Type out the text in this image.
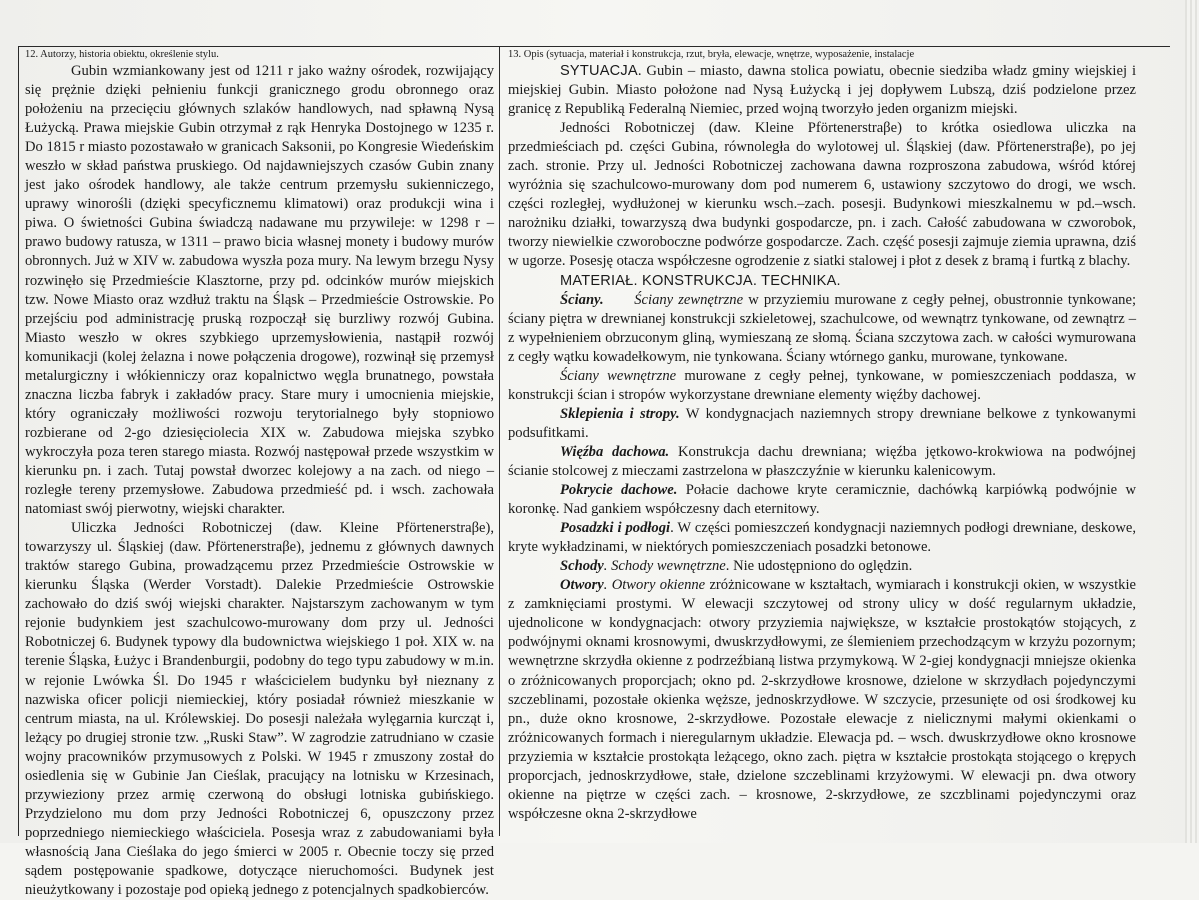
12. Autorzy, historia obiektu, określenie stylu.

Gubin wzmiankowany jest od 1211 r jako ważny ośrodek, rozwijający się prężnie dzięki pełnieniu funkcji granicznego grodu obronnego oraz położeniu na przecięciu głównych szlaków handlowych, nad spławną Nysą Łużycką. Prawa miejskie Gubin otrzymał z rąk Henryka Dostojnego w 1235 r. Do 1815 r miasto pozostawało w granicach Saksonii, po Kongresie Wiedeńskim weszło w skład państwa pruskiego. Od najdawniejszych czasów Gubin znany jest jako ośrodek handlowy, ale także centrum przemysłu sukienniczego, uprawy winorośli (dzięki specyficznemu klimatowi) oraz produkcji wina i piwa. O świetności Gubina świadczą nadawane mu przywileje: w 1298 r – prawo budowy ratusza, w 1311 – prawo bicia własnej monety i budowy murów obronnych. Już w XIV w. zabudowa wyszła poza mury. Na lewym brzegu Nysy rozwinęło się Przedmieście Klasztorne, przy pd. odcinków murów miejskich tzw. Nowe Miasto oraz wzdłuż traktu na Śląsk – Przedmieście Ostrowskie. Po przejściu pod administrację pruską rozpoczął się burzliwy rozwój Gubina. Miasto weszło w okres szybkiego uprzemysłowienia, nastąpił rozwój komunikacji (kolej żelazna i nowe połączenia drogowe), rozwinął się przemysł metalurgiczny i włókienniczy oraz kopalnictwo węgla brunatnego, powstała znaczna liczba fabryk i zakładów pracy. Stare mury i umocnienia miejskie, który ograniczały możliwości rozwoju terytorialnego były stopniowo rozbierane od 2-go dziesięciolecia XIX w. Zabudowa miejska szybko wykroczyła poza teren starego miasta. Rozwój następował przede wszystkim w kierunku pn. i zach. Tutaj powstał dworzec kolejowy a na zach. od niego – rozległe tereny przemysłowe. Zabudowa przedmieść pd. i wsch. zachowała natomiast swój pierwotny, wiejski charakter.

Uliczka Jedności Robotniczej (daw. Kleine Pförtenerstraβe), towarzyszy ul. Śląskiej (daw. Pförtenerstraβe), jednemu z głównych dawnych traktów starego Gubina, prowadzącemu przez Przedmieście Ostrowskie w kierunku Śląska (Werder Vorstadt). Dalekie Przedmieście Ostrowskie zachowało do dziś swój wiejski charakter. Najstarszym zachowanym w tym rejonie budynkiem jest szachulcowo-murowany dom przy ul. Jedności Robotniczej 6. Budynek typowy dla budownictwa wiejskiego 1 poł. XIX w. na terenie Śląska, Łużyc i Brandenburgii, podobny do tego typu zabudowy w m.in. w rejonie Lwówka Śl. Do 1945 r właścicielem budynku był nieznany z nazwiska oficer policji niemieckiej, który posiadał również mieszkanie w centrum miasta, na ul. Królewskiej. Do posesji należała wylęgarnia kurcząt i, leżący po drugiej stronie tzw. „Ruski Staw”. W zagrodzie zatrudniano w czasie wojny pracowników przymusowych z Polski. W 1945 r zmuszony został do osiedlenia się w Gubinie Jan Cieślak, pracujący na lotnisku w Krzesinach, przywieziony przez armię czerwoną do obsługi lotniska gubińskiego. Przydzielono mu dom przy Jedności Robotniczej 6, opuszczony przez poprzedniego niemieckiego właściciela. Posesja wraz z zabudowaniami była własnością Jana Cieślaka do jego śmierci w 2005 r. Obecnie toczy się przed sądem postępowanie spadkowe, dotyczące nieruchomości. Budynek jest nieużytkowany i pozostaje pod opieką jednego z potencjalnych spadkobierców.

13. Opis (sytuacja, materiał i konstrukcja, rzut, bryła, elewacje, wnętrze, wyposażenie, instalacje

SYTUACJA. Gubin – miasto, dawna stolica powiatu, obecnie siedziba władz gminy wiejskiej i miejskiej Gubin. Miasto położone nad Nysą Łużycką i jej dopływem Lubszą, dziś podzielone przez granicę z Republiką Federalną Niemiec, przed wojną tworzyło jeden organizm miejski.

Jedności Robotniczej (daw. Kleine Pförtenerstraβe) to krótka osiedlowa uliczka na przedmieściach pd. części Gubina, równoległa do wylotowej ul. Śląskiej (daw. Pförtenerstraβe), po jej zach. stronie. Przy ul. Jedności Robotniczej zachowana dawna rozproszona zabudowa, wśród której wyróżnia się szachulcowo-murowany dom pod numerem 6, ustawiony szczytowo do drogi, we wsch. części rozległej, wydłużonej w kierunku wsch.–zach. posesji. Budynkowi mieszkalnemu w pd.–wsch. narożniku działki, towarzyszą dwa budynki gospodarcze, pn. i zach. Całość zabudowana w czworobok, tworzy niewielkie czworoboczne podwórze gospodarcze. Zach. część posesji zajmuje ziemia uprawna, dziś w ugorze. Posesję otacza współczesne ogrodzenie z siatki stalowej i płot z desek z bramą i furtką z blachy.

MATERIAŁ. KONSTRUKCJA. TECHNIKA.

Ściany. Ściany zewnętrzne w przyziemiu murowane z cegły pełnej, obustronnie tynkowane; ściany piętra w drewnianej konstrukcji szkieletowej, szachulcowe, od wewnątrz tynkowane, od zewnątrz – z wypełnieniem obrzuconym gliną, wymieszaną ze słomą. Ściana szczytowa zach. w całości wymurowana z cegły wątku kowadełkowym, nie tynkowana. Ściany wtórnego ganku, murowane, tynkowane.

Ściany wewnętrzne murowane z cegły pełnej, tynkowane, w pomieszczeniach poddasza, w konstrukcji ścian i stropów wykorzystane drewniane elementy więźby dachowej.

Sklepienia i stropy. W kondygnacjach naziemnych stropy drewniane belkowe z tynkowanymi podsufitkami.

Więźba dachowa. Konstrukcja dachu drewniana; więźba jętkowo-krokwiowa na podwójnej ścianie stolcowej z mieczami zastrzelona w płaszczyźnie w kierunku kalenicowym.

Pokrycie dachowe. Połacie dachowe kryte ceramicznie, dachówką karpiówką podwójnie w koronkę. Nad gankiem współczesny dach eternitowy.

Posadzki i podłogi. W części pomieszczeń kondygnacji naziemnych podłogi drewniane, deskowe, kryte wykładzinami, w niektórych pomieszczeniach posadzki betonowe.

Schody. Schody wewnętrzne. Nie udostępniono do oględzin.

Otwory. Otwory okienne zróżnicowane w kształtach, wymiarach i konstrukcji okien, w wszystkie z zamknięciami prostymi. W elewacji szczytowej od strony ulicy w dość regularnym układzie, ujednolicone w kondygnacjach: otwory przyziemia największe, w kształcie prostokątów stojących, z podwójnymi oknami krosnowymi, dwuskrzydłowymi, ze ślemieniem przechodzącym w krzyżu pozornym; wewnętrzne skrzydła okienne z podrzeźbianą listwa przymykową. W 2-giej kondygnacji mniejsze okienka o zróżnicowanych proporcjach; okno pd. 2-skrzydłowe krosnowe, dzielone w skrzydłach pojedynczymi szczeblinami, pozostałe okienka węższe, jednoskrzydłowe. W szczycie, przesunięte od osi środkowej ku pn., duże okno krosnowe, 2-skrzydłowe. Pozostałe elewacje z nielicznymi małymi okienkami o zróżnicowanych formach i nieregularnym układzie. Elewacja pd. – wsch. dwuskrzydłowe okno krosnowe przyziemia w kształcie prostokąta leżącego, okno zach. piętra w kształcie prostokąta stojącego o krępych proporcjach, jednoskrzydłowe, stałe, dzielone szczeblinami krzyżowymi. W elewacji pn. dwa otwory okienne na piętrze w części zach. – krosnowe, 2-skrzydłowe, ze szczblinami pojedynczymi oraz współczesne okna 2-skrzydłowe
